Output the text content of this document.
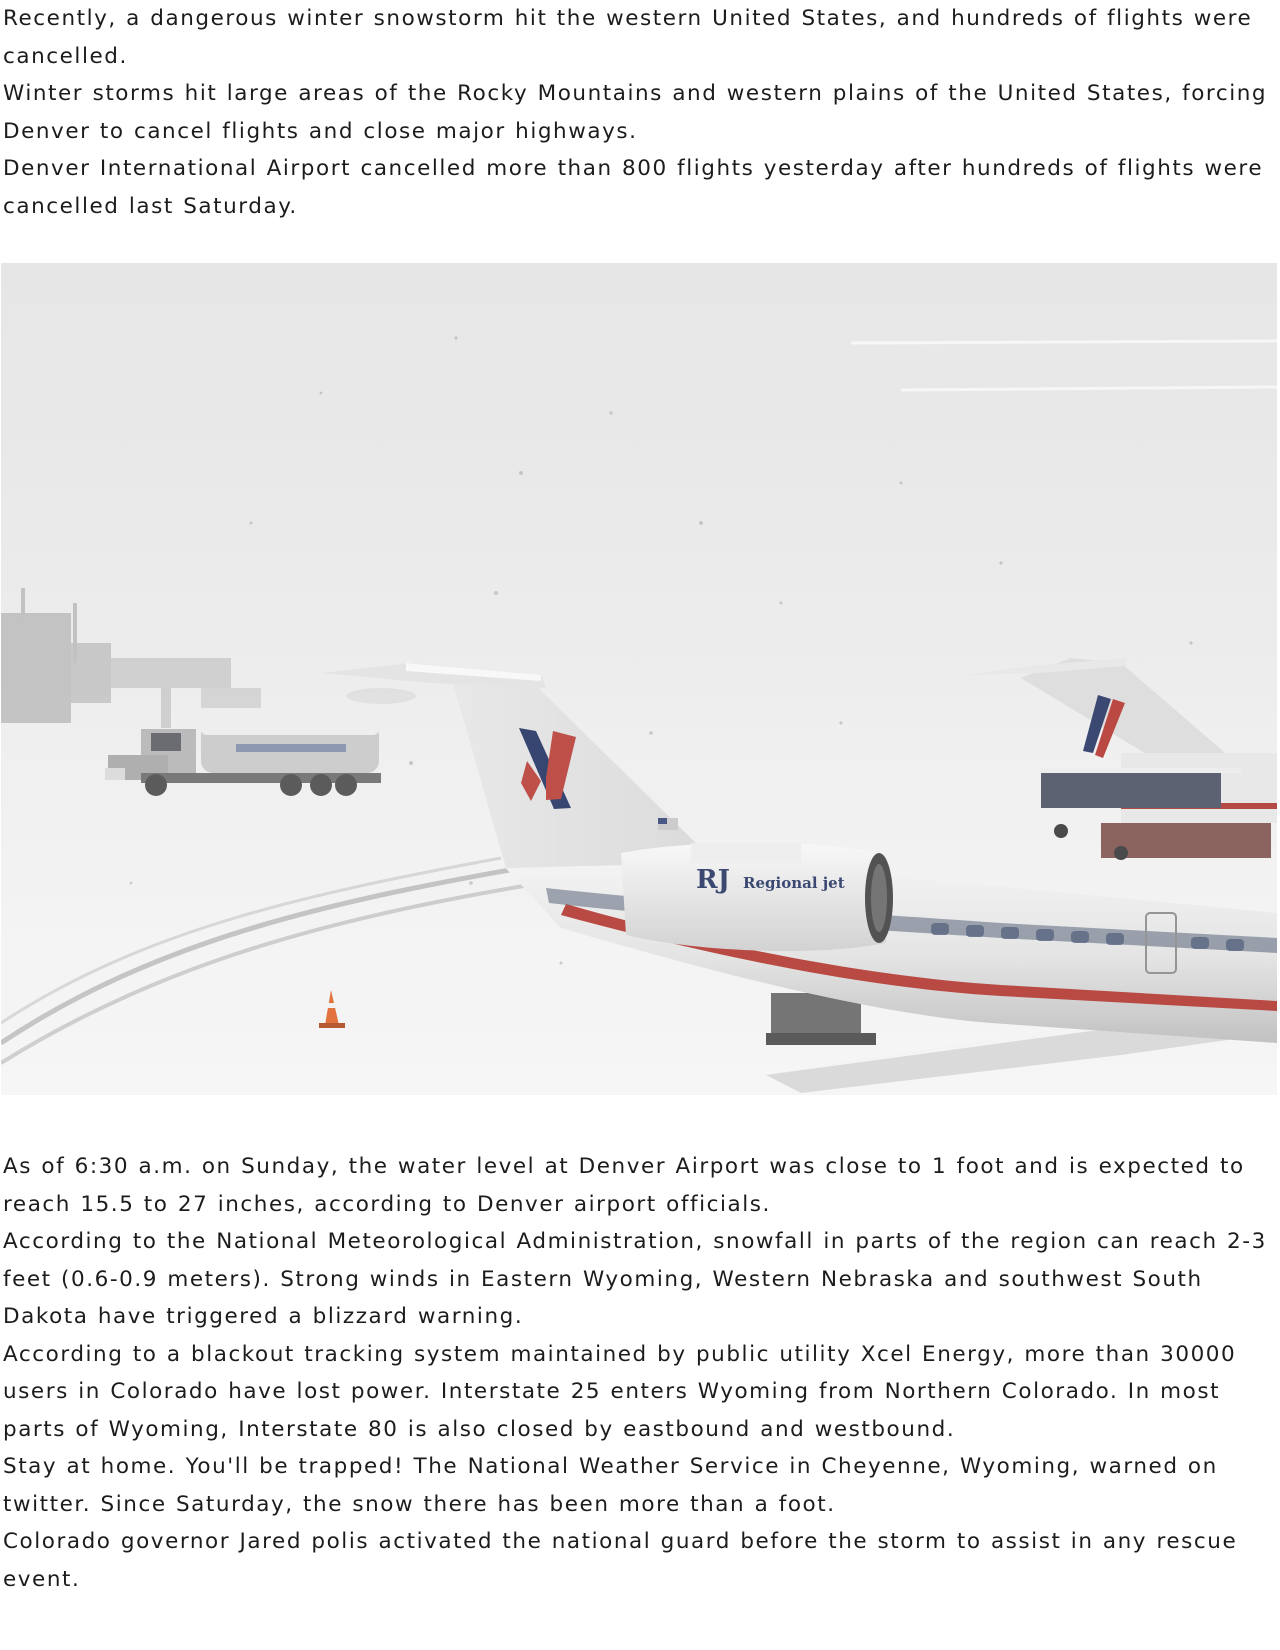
Recently, a dangerous winter snowstorm hit the western United States, and hundreds of flights were cancelled.

Winter storms hit large areas of the Rocky Mountains and western plains of the United States, forcing Denver to cancel flights and close major highways.

Denver International Airport cancelled more than 800 flights yesterday after hundreds of flights were cancelled last Saturday.

RJ Regional jet

As of 6:30 a.m. on Sunday, the water level at Denver Airport was close to 1 foot and is expected to reach 15.5 to 27 inches, according to Denver airport officials.

According to the National Meteorological Administration, snowfall in parts of the region can reach 2-3 feet (0.6-0.9 meters). Strong winds in Eastern Wyoming, Western Nebraska and southwest South Dakota have triggered a blizzard warning.

According to a blackout tracking system maintained by public utility Xcel Energy, more than 30000 users in Colorado have lost power. Interstate 25 enters Wyoming from Northern Colorado. In most parts of Wyoming, Interstate 80 is also closed by eastbound and westbound.

Stay at home. You'll be trapped! The National Weather Service in Cheyenne, Wyoming, warned on twitter. Since Saturday, the snow there has been more than a foot.

Colorado governor Jared polis activated the national guard before the storm to assist in any rescue event.
